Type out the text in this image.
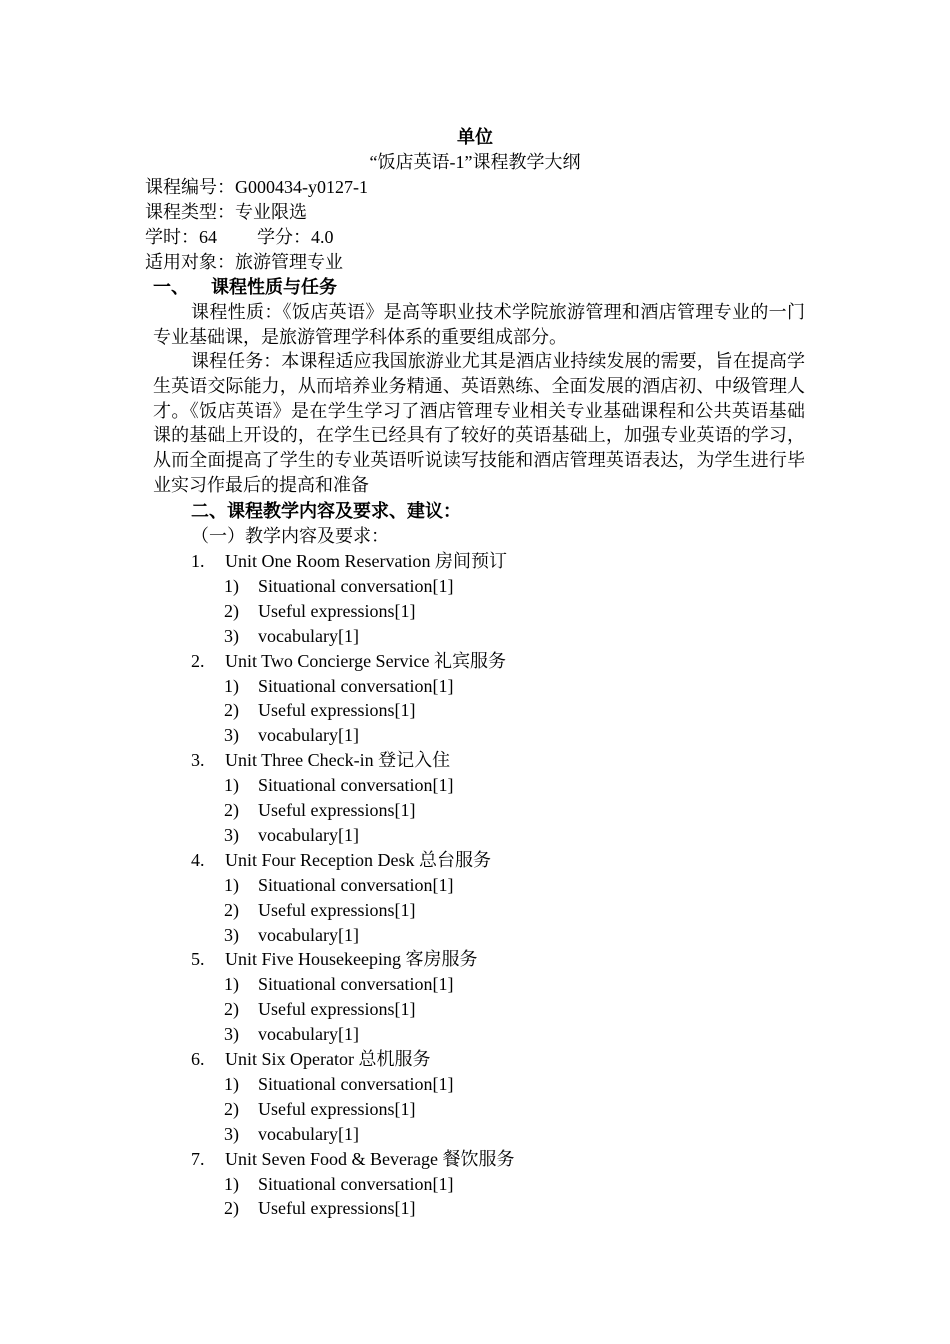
单位
“饭店英语-1”课程教学大纲
课程编号：G000434-y0127-1
课程类型：专业限选
学时：64 学分：4.0
适用对象：旅游管理专业
一、 课程性质与任务
课程性质：《饭店英语》是高等职业技术学院旅游管理和酒店管理专业的一门专业基础课，是旅游管理学科体系的重要组成部分。
课程任务：本课程适应我国旅游业尤其是酒店业持续发展的需要，旨在提高学生英语交际能力，从而培养业务精通、英语熟练、全面发展的酒店初、中级管理人才。《饭店英语》是在学生学习了酒店管理专业相关专业基础课程和公共英语基础课的基础上开设的，在学生已经具有了较好的英语基础上，加强专业英语的学习，从而全面提高了学生的专业英语听说读写技能和酒店管理英语表达，为学生进行毕业实习作最后的提高和准备
二、课程教学内容及要求、建议：
（一）教学内容及要求：
1. Unit One Room Reservation 房间预订
1) Situational conversation[1]
2) Useful expressions[1]
3) vocabulary[1]
2. Unit Two Concierge Service 礼宾服务
1) Situational conversation[1]
2) Useful expressions[1]
3) vocabulary[1]
3. Unit Three Check-in 登记入住
1) Situational conversation[1]
2) Useful expressions[1]
3) vocabulary[1]
4. Unit Four Reception Desk 总台服务
1) Situational conversation[1]
2) Useful expressions[1]
3) vocabulary[1]
5. Unit Five Housekeeping 客房服务
1) Situational conversation[1]
2) Useful expressions[1]
3) vocabulary[1]
6. Unit Six Operator 总机服务
1) Situational conversation[1]
2) Useful expressions[1]
3) vocabulary[1]
7. Unit Seven Food & Beverage 餐饮服务
1) Situational conversation[1]
2) Useful expressions[1]
